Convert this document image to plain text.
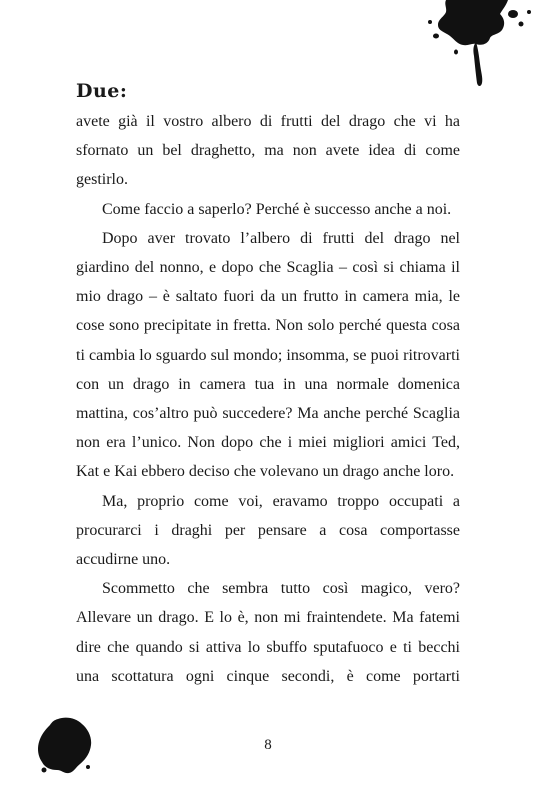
Due:

avete già il vostro albero di frutti del drago che vi ha sfornato un bel draghetto, ma non avete idea di come gestirlo.

Come faccio a saperlo? Perché è successo anche a noi.

Dopo aver trovato l’albero di frutti del drago nel giardino del nonno, e dopo che Scaglia – così si chiama il mio drago – è saltato fuori da un frutto in camera mia, le cose sono precipitate in fretta. Non solo perché questa cosa ti cambia lo sguardo sul mondo; insomma, se puoi ritrovarti con un drago in camera tua in una normale domenica mattina, cos’altro può succedere? Ma anche perché Scaglia non era l’unico. Non dopo che i miei migliori amici Ted, Kat e Kai ebbero deciso che volevano un drago anche loro.

Ma, proprio come voi, eravamo troppo occupati a procurarci i draghi per pensare a cosa comportasse accudirne uno.

Scommetto che sembra tutto così magico, vero? Allevare un drago. E lo è, non mi fraintendete. Ma fatemi dire che quando si attiva lo sbuffo sputafuoco e ti becchi una scottatura ogni cinque secondi, è come portarti

8
